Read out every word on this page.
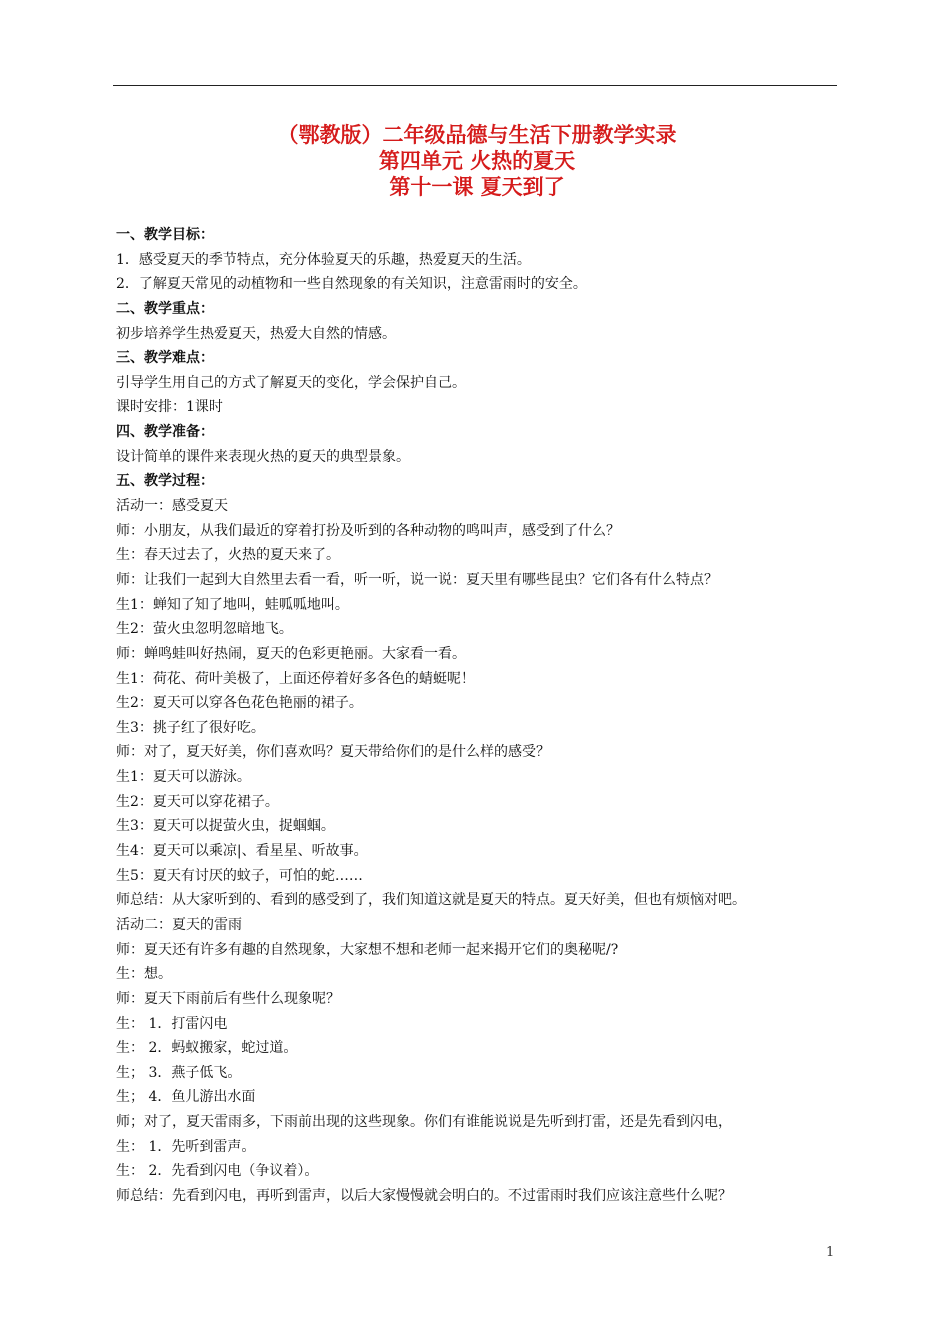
（鄂教版）二年级品德与生活下册教学实录
第四单元 火热的夏天
第十一课 夏天到了
一、教学目标：
1．感受夏天的季节特点，充分体验夏天的乐趣，热爱夏天的生活。
2．了解夏天常见的动植物和一些自然现象的有关知识，注意雷雨时的安全。
二、教学重点：
初步培养学生热爱夏天，热爱大自然的情感。
三、教学难点：
引导学生用自己的方式了解夏天的变化，学会保护自己。
课时安排：1课时
四、教学准备：
设计简单的课件来表现火热的夏天的典型景象。
五、教学过程：
活动一：感受夏天
师：小朋友，从我们最近的穿着打扮及听到的各种动物的鸣叫声，感受到了什么？
生：春天过去了，火热的夏天来了。
师：让我们一起到大自然里去看一看，听一听，说一说：夏天里有哪些昆虫？它们各有什么特点？
生1：蝉知了知了地叫，蛙呱呱地叫。
生2：萤火虫忽明忽暗地飞。
师：蝉鸣蛙叫好热闹，夏天的色彩更艳丽。大家看一看。
生1：荷花、荷叶美极了，上面还停着好多各色的蜻蜓呢！
生2：夏天可以穿各色花色艳丽的裙子。
生3：挑子红了很好吃。
师：对了，夏天好美，你们喜欢吗？夏天带给你们的是什么样的感受？
生1：夏天可以游泳。
生2：夏天可以穿花裙子。
生3：夏天可以捉萤火虫，捉蝈蝈。
生4：夏天可以乘凉|、看星星、听故事。
生5：夏天有讨厌的蚊子，可怕的蛇……
师总结：从大家听到的、看到的感受到了，我们知道这就是夏天的特点。夏天好美，但也有烦恼对吧。
活动二：夏天的雷雨
师：夏天还有许多有趣的自然现象，大家想不想和老师一起来揭开它们的奥秘呢/?
生：想。
师：夏天下雨前后有些什么现象呢？
生： 1．打雷闪电
生： 2．蚂蚁搬家，蛇过道。
生； 3．燕子低飞。
生； 4．鱼儿游出水面
师；对了，夏天雷雨多，下雨前出现的这些现象。你们有谁能说说是先听到打雷，还是先看到闪电，
生： 1．先听到雷声。
生： 2．先看到闪电（争议着）。
师总结：先看到闪电，再听到雷声，以后大家慢慢就会明白的。不过雷雨时我们应该注意些什么呢？
1
